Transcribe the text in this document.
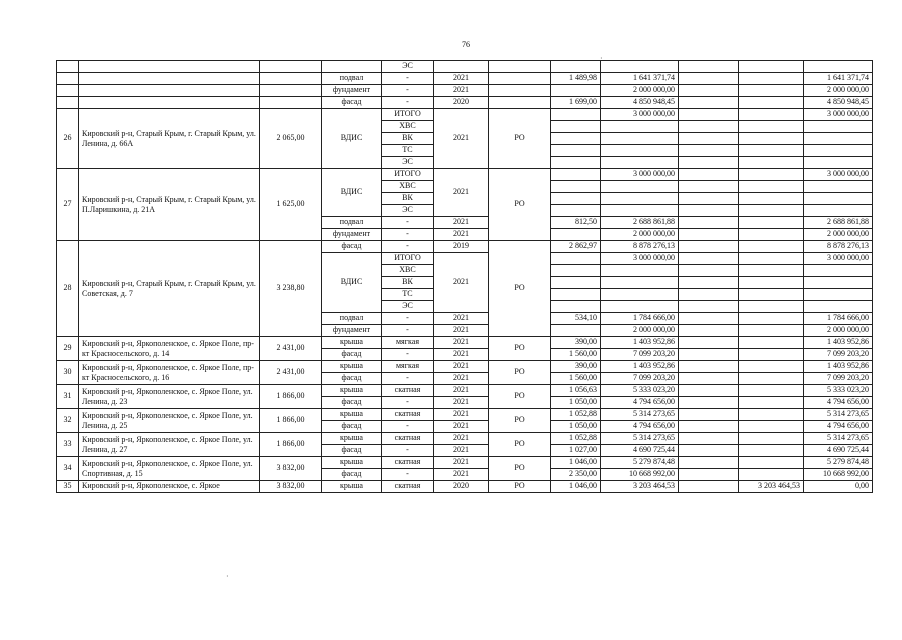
76
·
·
				ЭС							
			подвал	-	2021		1 489,98	1 641 371,74			1 641 371,74
			фундамент	-	2021			2 000 000,00			2 000 000,00
			фасад	-	2020		1 699,00	4 850 948,45			4 850 948,45
26	Кировский р-н, Старый Крым, г. Старый Крым, ул. Ленина, д. 66А	2 065,00	ВДИС	ИТОГО	2021	РО		3 000 000,00			3 000 000,00
				ХВС							
				ВК							
				ТС							
				ЭС							
27	Кировский р-н, Старый Крым, г. Старый Крым, ул. П.Ларишкина, д. 21А	1 625,00	ВДИС	ИТОГО	2021	РО		3 000 000,00			3 000 000,00
				ХВС							
				ВК							
				ЭС							
			подвал	-	2021		812,50	2 688 861,88			2 688 861,88
			фундамент	-	2021			2 000 000,00			2 000 000,00
28	Кировский р-н, Старый Крым, г. Старый Крым, ул. Советская, д. 7	3 238,80	фасад	-	2019	РО	2 862,97	8 878 276,13			8 878 276,13
			ВДИС	ИТОГО	2021			3 000 000,00			3 000 000,00
				ХВС							
				ВК							
				ТС							
				ЭС							
			подвал	-	2021		534,10	1 784 666,00			1 784 666,00
			фундамент	-	2021			2 000 000,00			2 000 000,00
29	Кировский р-н, Яркополенское, с. Яркое Поле, пр-кт Красносельского, д. 14	2 431,00	крыша	мягкая	2021	РО	390,00	1 403 952,86			1 403 952,86
			фасад	-	2021		1 560,00	7 099 203,20			7 099 203,20
30	Кировский р-н, Яркополенское, с. Яркое Поле, пр-кт Красносельского, д. 16	2 431,00	крыша	мягкая	2021	РО	390,00	1 403 952,86			1 403 952,86
			фасад	-	2021		1 560,00	7 099 203,20			7 099 203,20
31	Кировский р-н, Яркополенское, с. Яркое Поле, ул. Ленина, д. 23	1 866,00	крыша	скатная	2021	РО	1 056,63	5 333 023,20			5 333 023,20
			фасад	-	2021		1 050,00	4 794 656,00			4 794 656,00
32	Кировский р-н, Яркополенское, с. Яркое Поле, ул. Ленина, д. 25	1 866,00	крыша	скатная	2021	РО	1 052,88	5 314 273,65			5 314 273,65
			фасад	-	2021		1 050,00	4 794 656,00			4 794 656,00
33	Кировский р-н, Яркополенское, с. Яркое Поле, ул. Ленина, д. 27	1 866,00	крыша	скатная	2021	РО	1 052,88	5 314 273,65			5 314 273,65
			фасад	-	2021		1 027,00	4 690 725,44			4 690 725,44
34	Кировский р-н, Яркополенское, с. Яркое Поле, ул. Спортивная, д. 15	3 832,00	крыша	скатная	2021	РО	1 046,00	5 279 874,48			5 279 874,48
			фасад	-	2021		2 350,00	10 668 992,00			10 668 992,00
35	Кировский р-н, Яркополенское, с. Яркое	3 832,00	крыша	скатная	2020	РО	1 046,00	3 203 464,53		3 203 464,53	0,00
